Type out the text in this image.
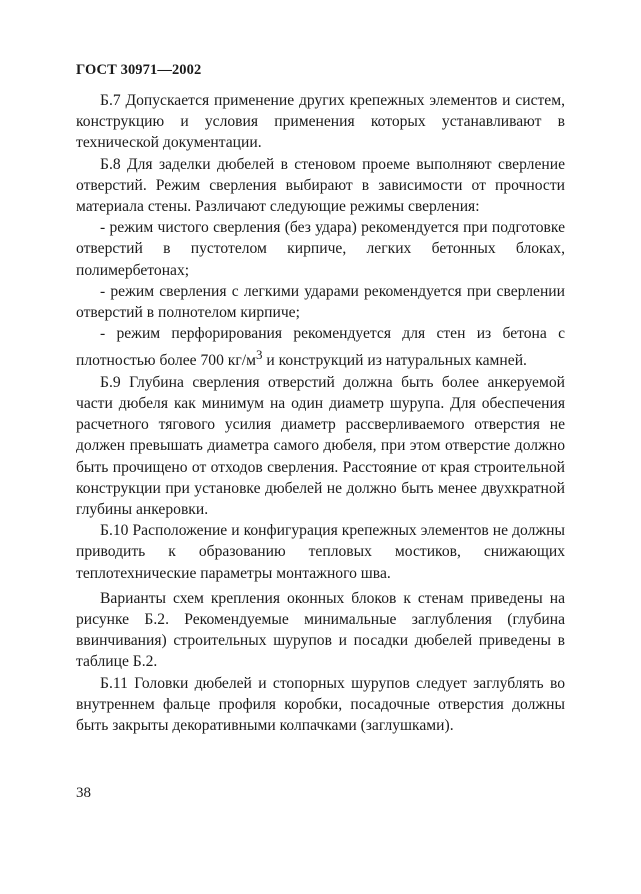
ГОСТ 30971—2002

Б.7 Допускается применение других крепежных элементов и систем, конструкцию и условия применения которых устанавливают в технической документации.

Б.8 Для заделки дюбелей в стеновом проеме выполняют сверление отверстий. Режим сверления выбирают в зависимости от прочности материала стены. Различают следующие режимы сверления:

- режим чистого сверления (без удара) рекомендуется при подготовке отверстий в пустотелом кирпиче, легких бетонных блоках, полимербетонах;

- режим сверления с легкими ударами рекомендуется при сверлении отверстий в полнотелом кирпиче;

- режим перфорирования рекомендуется для стен из бетона с плотностью более 700 $кг/м^3$ и конструкций из натуральных камней.

Б.9 Глубина сверления отверстий должна быть более анкеруемой части дюбеля как минимум на один диаметр шурупа. Для обеспечения расчетного тягового усилия диаметр рассверливаемого отверстия не должен превышать диаметра самого дюбеля, при этом отверстие должно быть прочищено от отходов сверления. Расстояние от края строительной конструкции при установке дюбелей не должно быть менее двухкратной глубины анкеровки.

Б.10 Расположение и конфигурация крепежных элементов не должны приводить к образованию тепловых мостиков, снижающих теплотехнические параметры монтажного шва.

Варианты схем крепления оконных блоков к стенам приведены на рисунке Б.2. Рекомендуемые минимальные заглубления (глубина ввинчивания) строительных шурупов и посадки дюбелей приведены в таблице Б.2.

Б.11 Головки дюбелей и стопорных шурупов следует заглублять во внутреннем фальце профиля коробки, посадочные отверстия должны быть закрыты декоративными колпачками (заглушками).

38
